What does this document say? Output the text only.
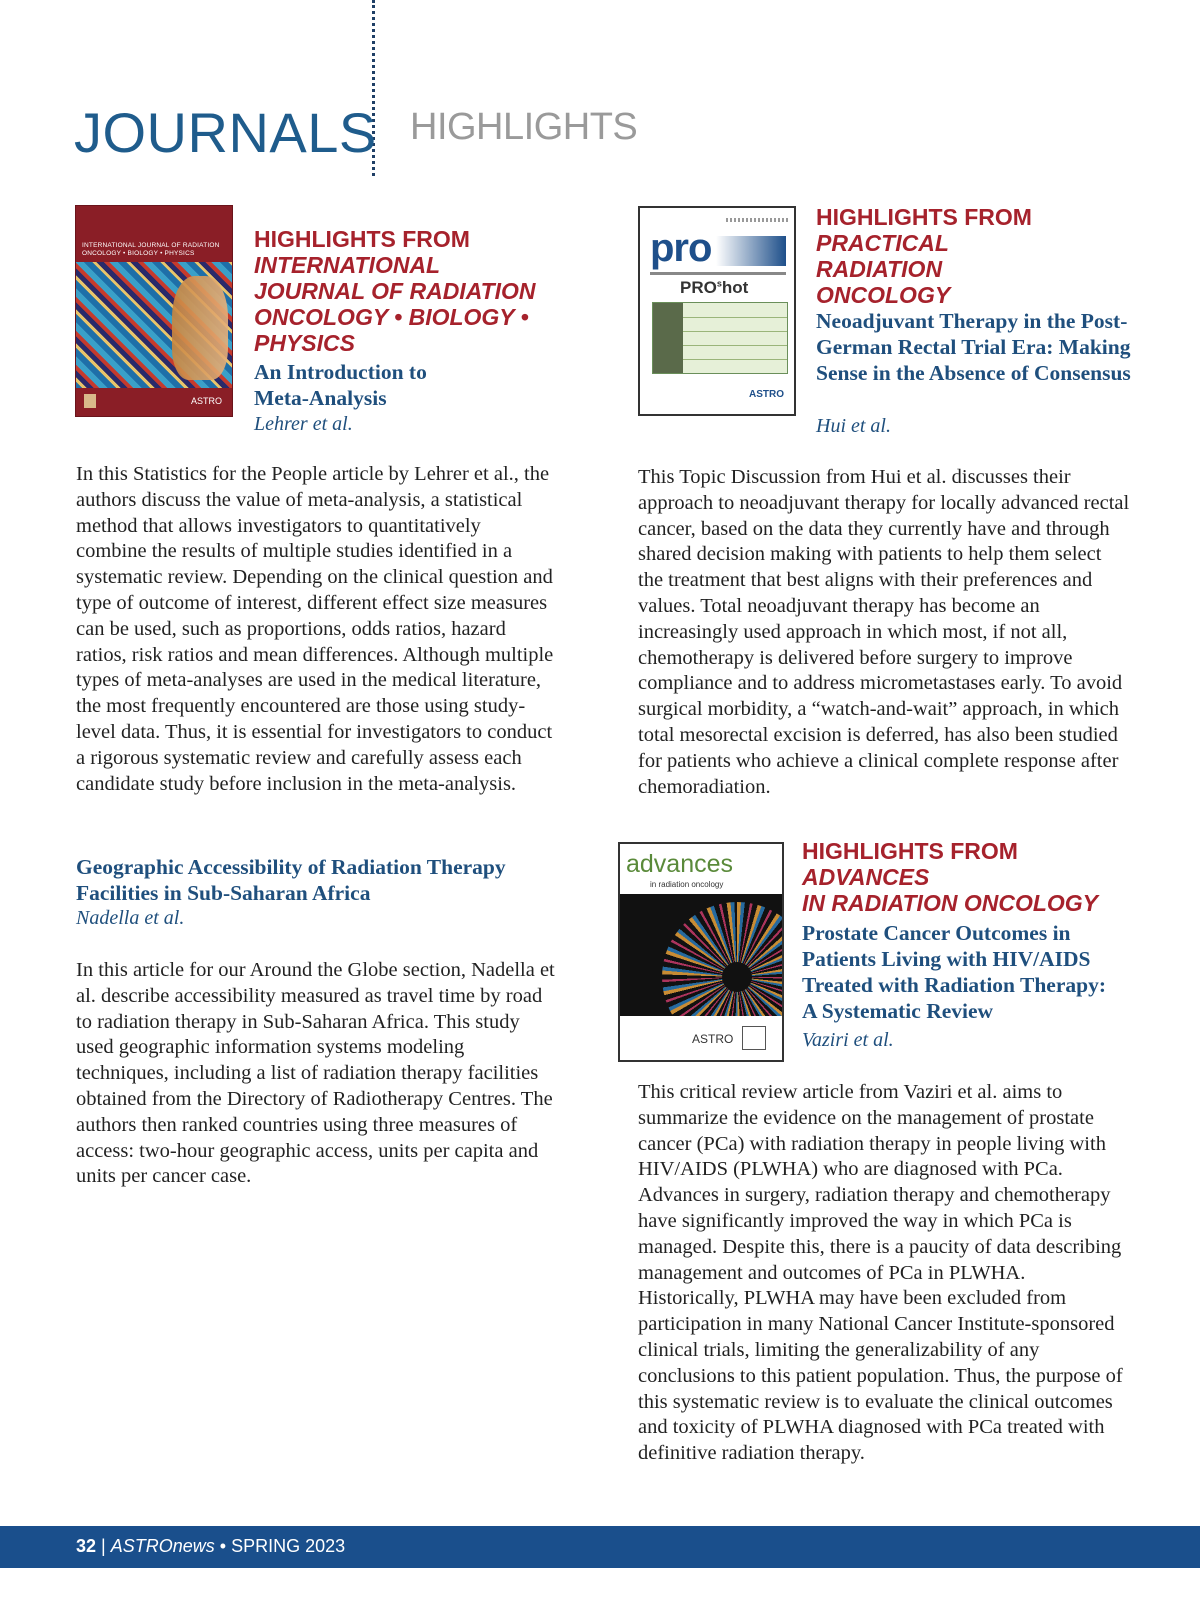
JOURNALS HIGHLIGHTS
INTERNATIONAL JOURNAL OF RADIATION ONCOLOGY • BIOLOGY • PHYSICS
ASTRO
HIGHLIGHTS FROM
INTERNATIONAL JOURNAL OF RADIATION ONCOLOGY • BIOLOGY • PHYSICS
An Introduction to Meta-Analysis
Lehrer et al.

In this Statistics for the People article by Lehrer et al., the authors discuss the value of meta-analysis, a statistical method that allows investigators to quantitatively combine the results of multiple studies identified in a systematic review. Depending on the clinical question and type of outcome of interest, different effect size measures can be used, such as proportions, odds ratios, hazard ratios, risk ratios and mean differences. Although multiple types of meta-analyses are used in the medical literature, the most frequently encountered are those using study-level data. Thus, it is essential for investigators to conduct a rigorous systematic review and carefully assess each candidate study before inclusion in the meta-analysis.

Geographic Accessibility of Radiation Therapy Facilities in Sub-Saharan Africa
Nadella et al.

In this article for our Around the Globe section, Nadella et al. describe accessibility measured as travel time by road to radiation therapy in Sub-Saharan Africa. This study used geographic information systems modeling techniques, including a list of radiation therapy facilities obtained from the Directory of Radiotherapy Centres. The authors then ranked countries using three measures of access: two-hour geographic access, units per capita and units per cancer case.

pro
PRO$^s$hot
ASTRO
HIGHLIGHTS FROM
PRACTICAL RADIATION ONCOLOGY
Neoadjuvant Therapy in the Post-German Rectal Trial Era: Making Sense in the Absence of Consensus
Hui et al.

This Topic Discussion from Hui et al. discusses their approach to neoadjuvant therapy for locally advanced rectal cancer, based on the data they currently have and through shared decision making with patients to help them select the treatment that best aligns with their preferences and values. Total neoadjuvant therapy has become an increasingly used approach in which most, if not all, chemotherapy is delivered before surgery to improve compliance and to address micrometastases early. To avoid surgical morbidity, a “watch-and-wait” approach, in which total mesorectal excision is deferred, has also been studied for patients who achieve a clinical complete response after chemoradiation.

advances
in radiation oncology
ASTRO
HIGHLIGHTS FROM ADVANCES
IN RADIATION ONCOLOGY
Prostate Cancer Outcomes in Patients Living with HIV/AIDS Treated with Radiation Therapy: A Systematic Review
Vaziri et al.

This critical review article from Vaziri et al. aims to summarize the evidence on the management of prostate cancer (PCa) with radiation therapy in people living with HIV/AIDS (PLWHA) who are diagnosed with PCa. Advances in surgery, radiation therapy and chemotherapy have significantly improved the way in which PCa is managed. Despite this, there is a paucity of data describing management and outcomes of PCa in PLWHA. Historically, PLWHA may have been excluded from participation in many National Cancer Institute-sponsored clinical trials, limiting the generalizability of any conclusions to this patient population. Thus, the purpose of this systematic review is to evaluate the clinical outcomes and toxicity of PLWHA diagnosed with PCa treated with definitive radiation therapy.

32 | ASTROnews • SPRING 2023
